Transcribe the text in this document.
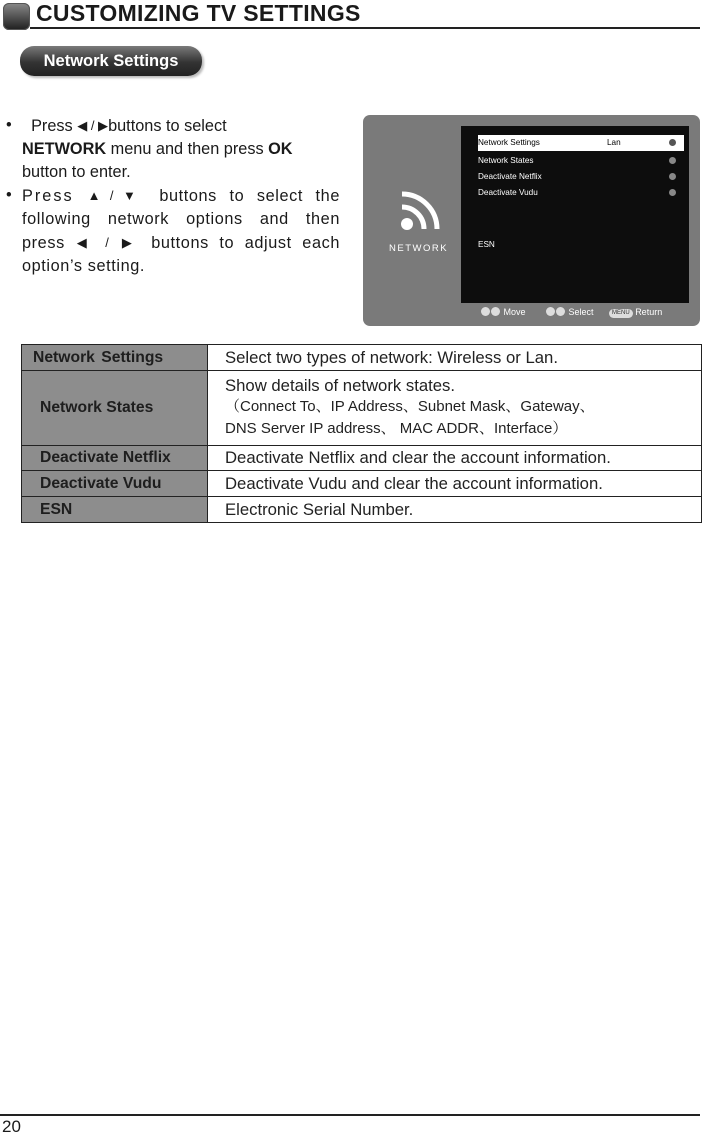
CUSTOMIZING TV SETTINGS
Network Settings
• Press ◀ / ▶buttons to select
NETWORK menu and then press OK
button to enter.
• Press ▲/▼ buttons to select the following network options and then press ◀ / ▶ buttons to adjust each option’s setting.
NETWORK
Network Settings	Lan
Network States
Deactivate Netflix
Deactivate Vudu
ESN
Move	Select	MENU Return
Network Settings	Select two types of network: Wireless or Lan.
Network States	Show details of network states.
（Connect To、IP Address、Subnet Mask、Gateway、
DNS Server IP address、 MAC ADDR、Interface）

Deactivate Netflix	Deactivate Netflix and clear the account information.
Deactivate Vudu	Deactivate Vudu and clear the account information.
ESN	Electronic Serial Number.
20
